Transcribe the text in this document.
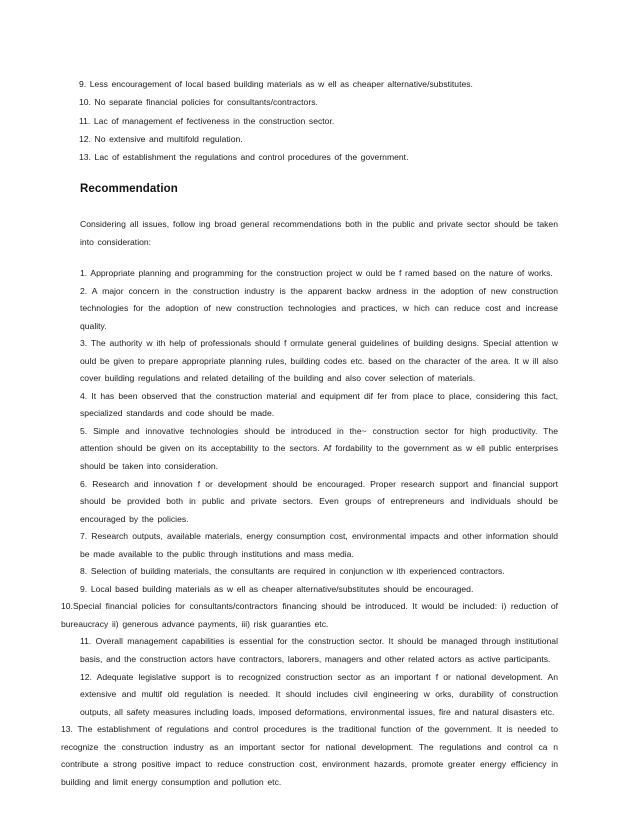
9. Less encouragement of local based building materials as w ell as cheaper alternative/substitutes.
10. No separate financial policies for consultants/contractors.
11. Lac of management ef fectiveness in the construction sector.
12. No extensive and multifold regulation.
13. Lac of establishment the regulations and control procedures of the government.
Recommendation
Considering all issues, follow ing broad general recommendations both in the public and private sector should be taken into consideration:
1. Appropriate planning and programming for the construction project w ould be f ramed based on the nature of works.
2. A major concern in the construction industry is the apparent backw ardness in the adoption of new construction technologies for the adoption of new construction technologies and practices, w hich can reduce cost and increase quality.
3. The authority w ith help of professionals should f ormulate general guidelines of building designs. Special attention w ould be given to prepare appropriate planning rules, building codes etc. based on the character of the area. It w ill also cover building regulations and related detailing of the building and also cover selection of materials.
4. It has been observed that the construction material and equipment dif fer from place to place, considering this fact, specialized standards and code should be made.
5. Simple and innovative technologies should be introduced in the~ construction sector for high productivity. The attention should be given on its acceptability to the sectors. Af fordability to the government as w ell public enterprises should be taken into consideration.
6. Research and innovation f or development should be encouraged. Proper research support and financial support should be provided both in public and private sectors. Even groups of entrepreneurs and individuals should be encouraged by the policies.
7. Research outputs, available materials, energy consumption cost, environmental impacts and other information should be made available to the public through institutions and mass media.
8. Selection of building materials, the consultants are required in conjunction w ith experienced contractors.
9. Local based building materials as w ell as cheaper alternative/substitutes should be encouraged.
10.Special financial policies for consultants/contractors financing should be introduced. It would be included: i) reduction of bureaucracy ii) generous advance payments, iii) risk guaranties etc.
11. Overall management capabilities is essential for the construction sector. It should be managed through institutional basis, and the construction actors have contractors, laborers, managers and other related actors as active participants.
12. Adequate legislative support is to recognized construction sector as an important f or national development. An extensive and multif old regulation is needed. It should includes civil engineering w orks, durability of construction outputs, all safety measures including loads, imposed deformations, environmental issues, fire and natural disasters etc.
13. The establishment of regulations and control procedures is the traditional function of the government. It is needed to recognize the construction industry as an important sector for national development. The regulations and control ca n contribute a strong positive impact to reduce construction cost, environment hazards, promote greater energy efficiency in building and limit energy consumption and pollution etc.
